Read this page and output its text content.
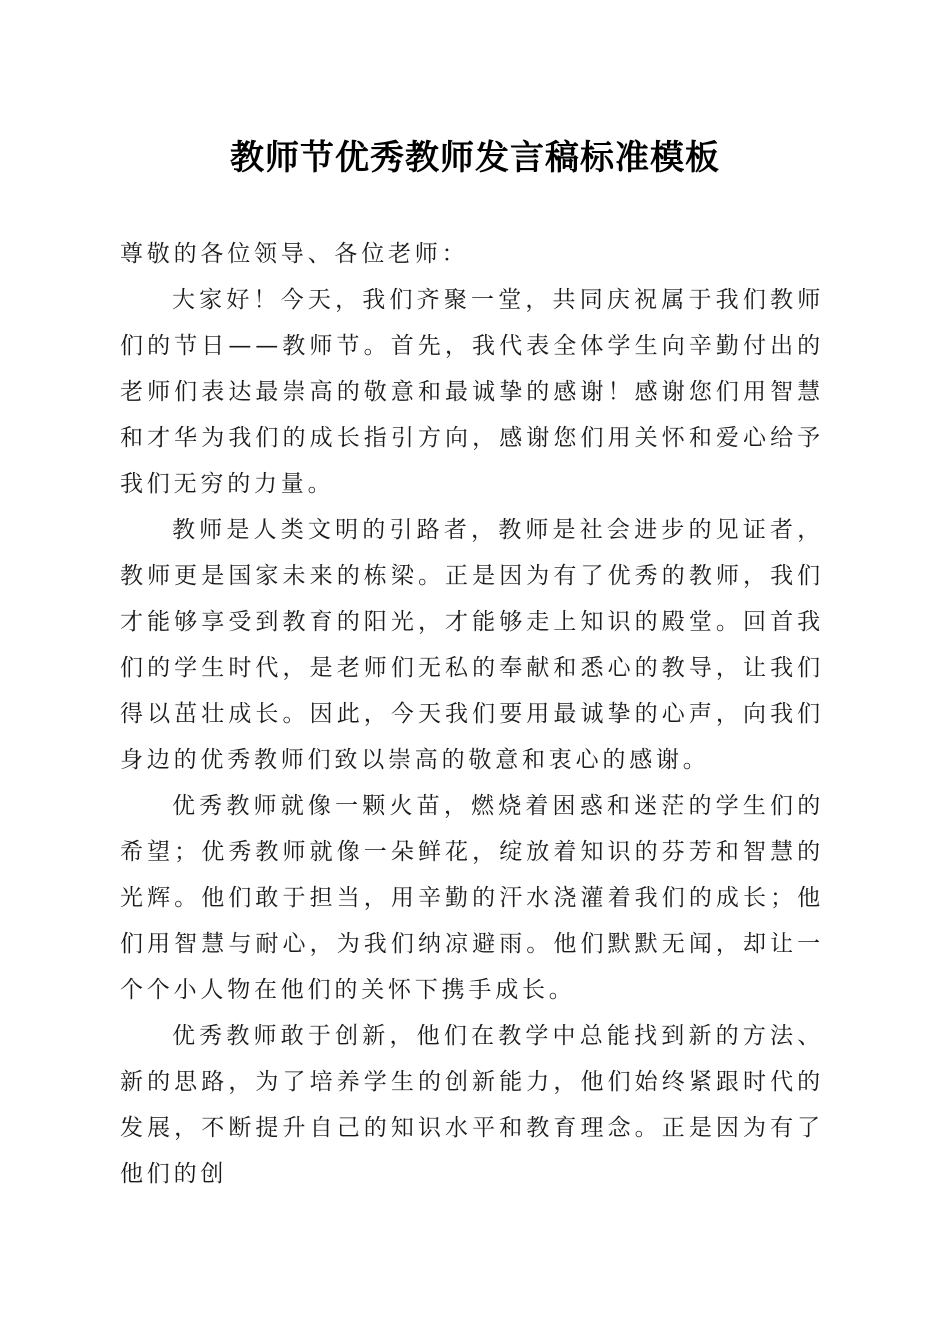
教师节优秀教师发言稿标准模板

尊敬的各位领导、各位老师：

大家好！今天，我们齐聚一堂，共同庆祝属于我们教师们的节日——教师节。首先，我代表全体学生向辛勤付出的老师们表达最崇高的敬意和最诚挚的感谢！感谢您们用智慧和才华为我们的成长指引方向，感谢您们用关怀和爱心给予我们无穷的力量。

教师是人类文明的引路者，教师是社会进步的见证者，教师更是国家未来的栋梁。正是因为有了优秀的教师，我们才能够享受到教育的阳光，才能够走上知识的殿堂。回首我们的学生时代，是老师们无私的奉献和悉心的教导，让我们得以茁壮成长。因此，今天我们要用最诚挚的心声，向我们身边的优秀教师们致以崇高的敬意和衷心的感谢。

优秀教师就像一颗火苗，燃烧着困惑和迷茫的学生们的希望；优秀教师就像一朵鲜花，绽放着知识的芬芳和智慧的光辉。他们敢于担当，用辛勤的汗水浇灌着我们的成长；他们用智慧与耐心，为我们纳凉避雨。他们默默无闻，却让一个个小人物在他们的关怀下携手成长。

优秀教师敢于创新，他们在教学中总能找到新的方法、新的思路，为了培养学生的创新能力，他们始终紧跟时代的发展，不断提升自己的知识水平和教育理念。正是因为有了他们的创
